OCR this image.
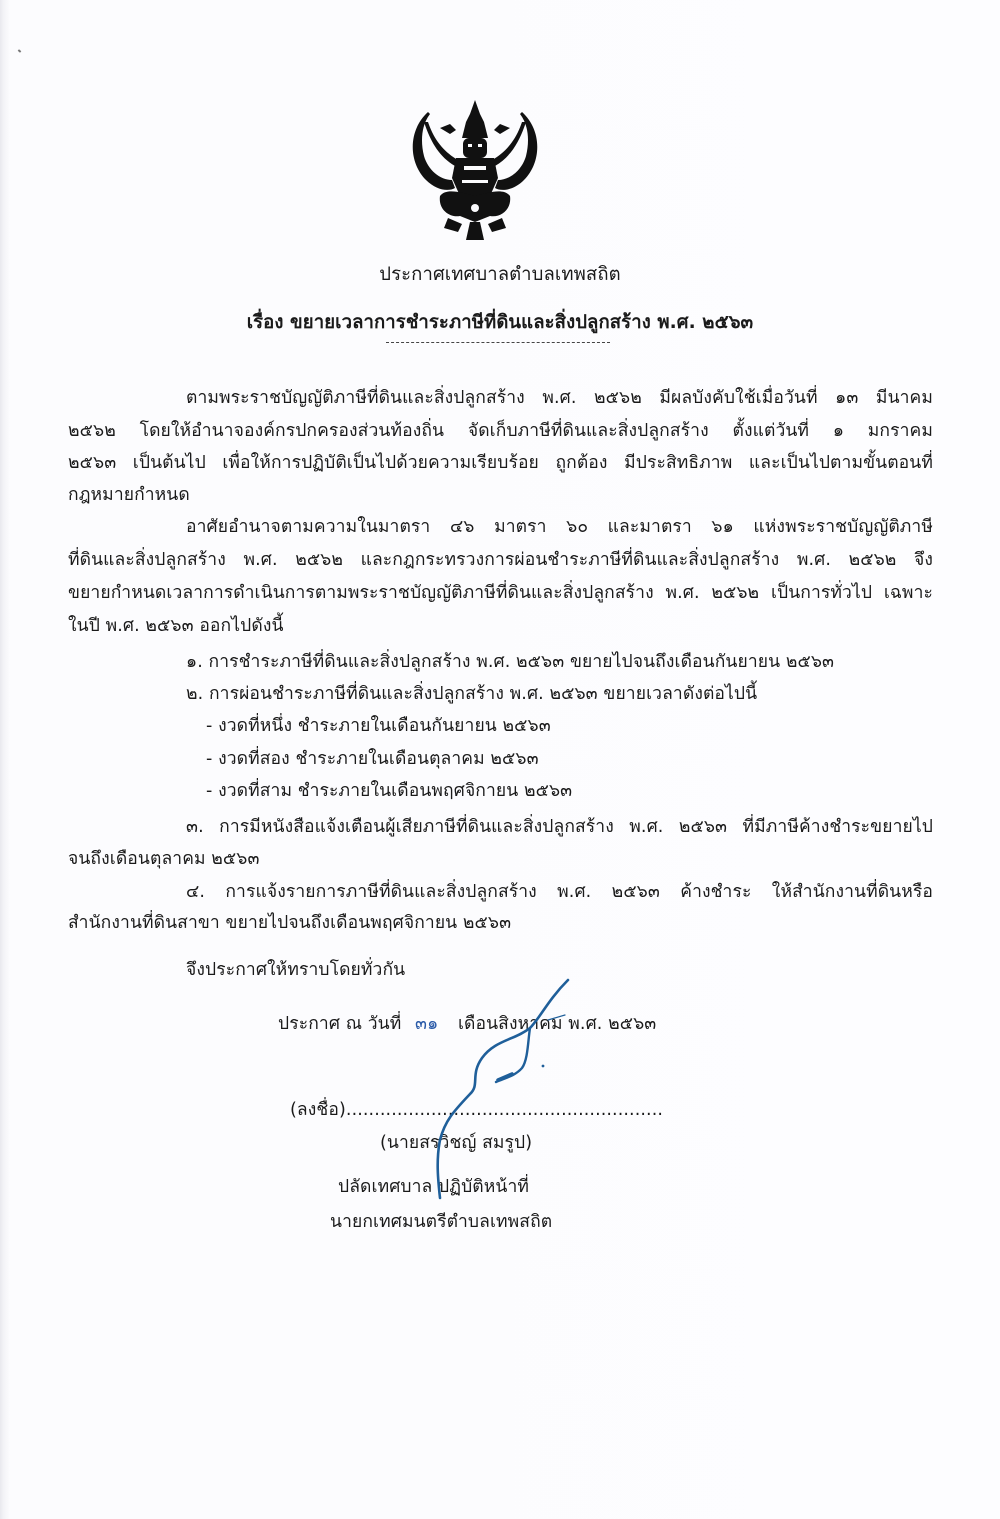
ประกาศเทศบาลตำบลเทพสถิต
เรื่อง ขยายเวลาการชำระภาษีที่ดินและสิ่งปลูกสร้าง พ.ศ. ๒๕๖๓
ตามพระราชบัญญัติภาษีที่ดินและสิ่งปลูกสร้าง พ.ศ. ๒๕๖๒ มีผลบังคับใช้เมื่อวันที่ ๑๓ มีนาคม
๒๕๖๒ โดยให้อำนาจองค์กรปกครองส่วนท้องถิ่น จัดเก็บภาษีที่ดินและสิ่งปลูกสร้าง ตั้งแต่วันที่ ๑ มกราคม
๒๕๖๓ เป็นต้นไป เพื่อให้การปฏิบัติเป็นไปด้วยความเรียบร้อย ถูกต้อง มีประสิทธิภาพ และเป็นไปตามขั้นตอนที่
กฎหมายกำหนด
อาศัยอำนาจตามความในมาตรา ๔๖ มาตรา ๖๐ และมาตรา ๖๑ แห่งพระราชบัญญัติภาษี
ที่ดินและสิ่งปลูกสร้าง พ.ศ. ๒๕๖๒ และกฎกระทรวงการผ่อนชำระภาษีที่ดินและสิ่งปลูกสร้าง พ.ศ. ๒๕๖๒ จึง
ขยายกำหนดเวลาการดำเนินการตามพระราชบัญญัติภาษีที่ดินและสิ่งปลูกสร้าง พ.ศ. ๒๕๖๒ เป็นการทั่วไป เฉพาะ
ในปี พ.ศ. ๒๕๖๓ ออกไปดังนี้
๑. การชำระภาษีที่ดินและสิ่งปลูกสร้าง พ.ศ. ๒๕๖๓ ขยายไปจนถึงเดือนกันยายน ๒๕๖๓
๒. การผ่อนชำระภาษีที่ดินและสิ่งปลูกสร้าง พ.ศ. ๒๕๖๓ ขยายเวลาดังต่อไปนี้
- งวดที่หนึ่ง ชำระภายในเดือนกันยายน ๒๕๖๓
- งวดที่สอง ชำระภายในเดือนตุลาคม ๒๕๖๓
- งวดที่สาม ชำระภายในเดือนพฤศจิกายน ๒๕๖๓
๓. การมีหนังสือแจ้งเตือนผู้เสียภาษีที่ดินและสิ่งปลูกสร้าง พ.ศ. ๒๕๖๓ ที่มีภาษีค้างชำระขยายไป
จนถึงเดือนตุลาคม ๒๕๖๓
๔. การแจ้งรายการภาษีที่ดินและสิ่งปลูกสร้าง พ.ศ. ๒๕๖๓ ค้างชำระ ให้สำนักงานที่ดินหรือ
สำนักงานที่ดินสาขา ขยายไปจนถึงเดือนพฤศจิกายน ๒๕๖๓
จึงประกาศให้ทราบโดยทั่วกัน
ประกาศ ณ วันที่ ๓๑ เดือนสิงหาคม พ.ศ. ๒๕๖๓
(ลงชื่อ)........................................................
(นายสรวิชญ์ สมรูป)
ปลัดเทศบาล ปฏิบัติหน้าที่
นายกเทศมนตรีตำบลเทพสถิต
